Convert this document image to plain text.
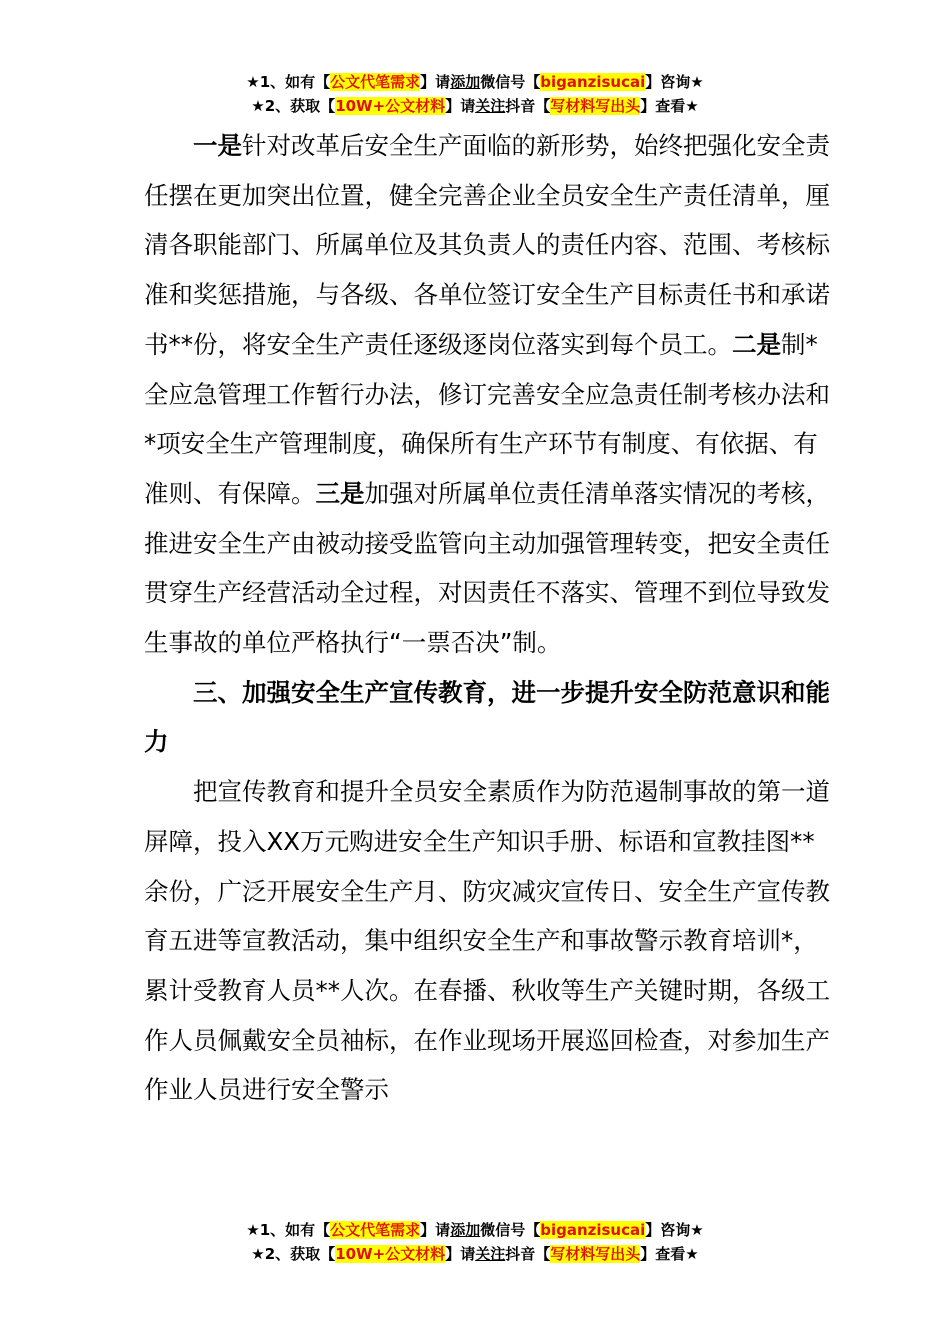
★1、如有【公文代笔需求】请添加微信号【biganzisucai】咨询★
★2、获取【10W+公文材料】请关注抖音【写材料写出头】查看★

一是针对改革后安全生产面临的新形势，始终把强化安全责任摆在更加突出位置，健全完善企业全员安全生产责任清单，厘清各职能部门、所属单位及其负责人的责任内容、范围、考核标准和奖惩措施，与各级、各单位签订安全生产目标责任书和承诺书**份，将安全生产责任逐级逐岗位落实到每个员工。二是制*全应急管理工作暂行办法，修订完善安全应急责任制考核办法和*项安全生产管理制度，确保所有生产环节有制度、有依据、有准则、有保障。三是加强对所属单位责任清单落实情况的考核，推进安全生产由被动接受监管向主动加强管理转变，把安全责任贯穿生产经营活动全过程，对因责任不落实、管理不到位导致发生事故的单位严格执行“一票否决”制。

三、加强安全生产宣传教育，进一步提升安全防范意识和能力

把宣传教育和提升全员安全素质作为防范遏制事故的第一道屏障，投入XX万元购进安全生产知识手册、标语和宣教挂图**余份，广泛开展安全生产月、防灾减灾宣传日、安全生产宣传教育五进等宣教活动，集中组织安全生产和事故警示教育培训*，累计受教育人员**人次。在春播、秋收等生产关键时期，各级工作人员佩戴安全员袖标，在作业现场开展巡回检查，对参加生产作业人员进行安全警示

★1、如有【公文代笔需求】请添加微信号【biganzisucai】咨询★
★2、获取【10W+公文材料】请关注抖音【写材料写出头】查看★
